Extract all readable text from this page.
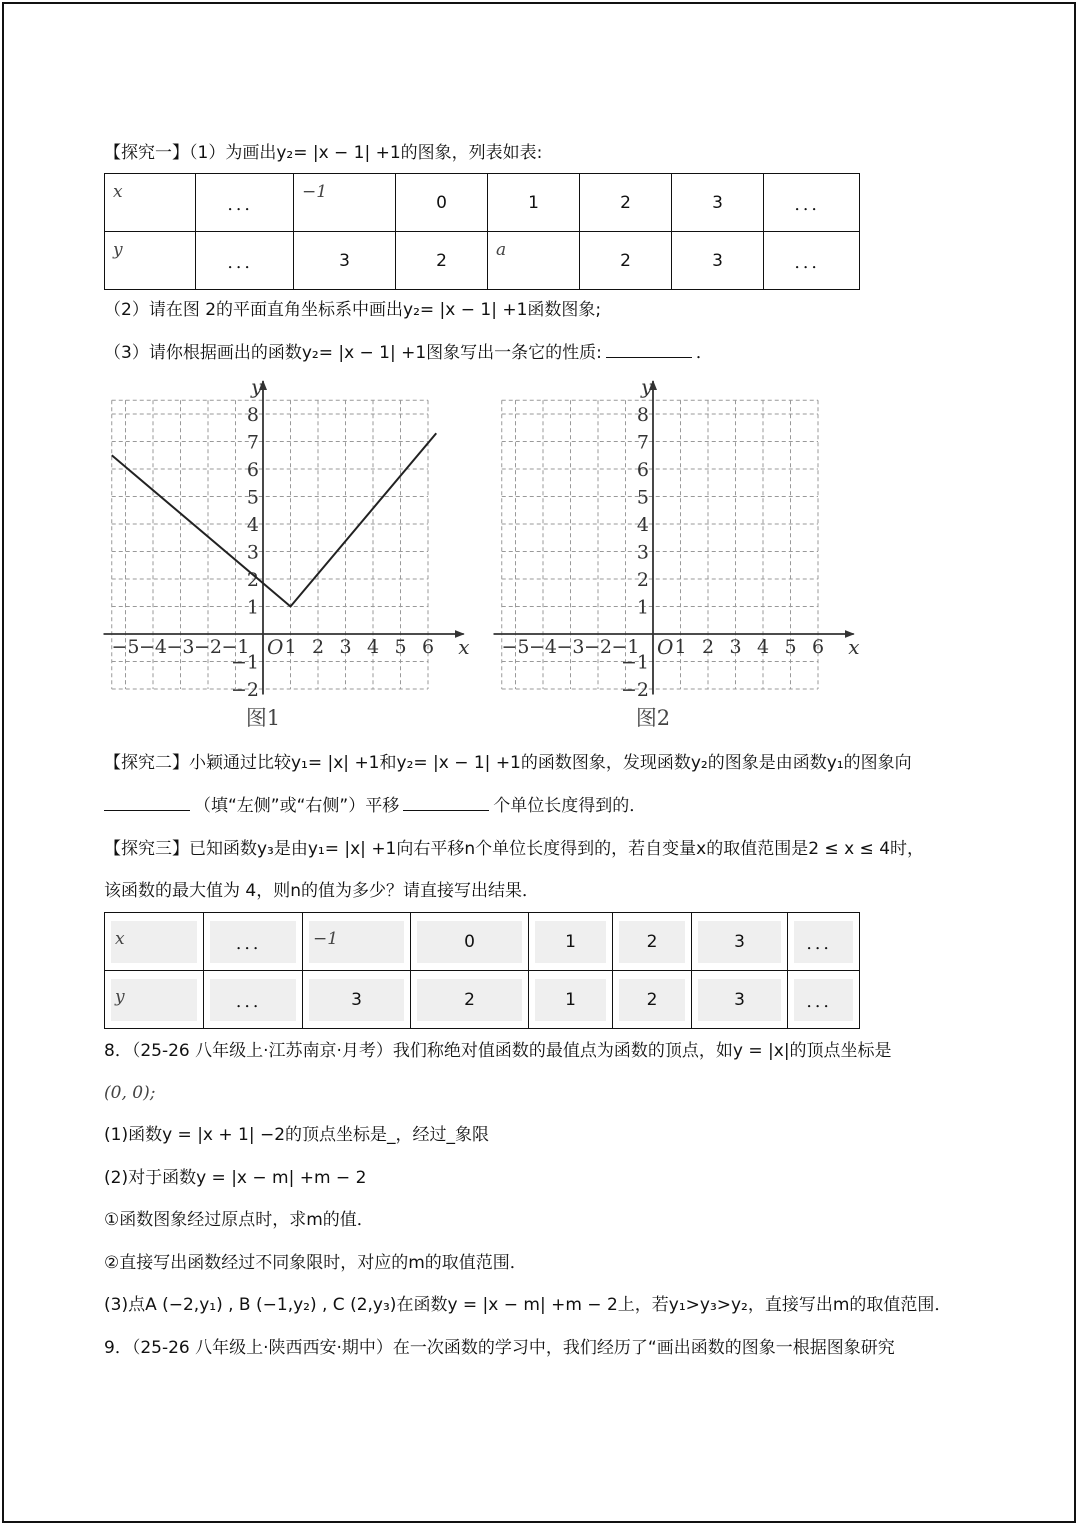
【探究一】（1）为画出y₂= |x − 1| +1的图象，列表如表:
x	．．．	−1	0	1	2	3	．．．
y	．．．	3	2	a	2	3	．．．
（2）请在图 2的平面直角坐标系中画出y₂= |x − 1| +1函数图象;
（3）请你根据画出的函数y₂= |x − 1| +1图象写出一条它的性质:	．
x
y
O
−5 −4 −3 −2 −1 1 2 3 4 5 6
8
7
6
5
4
3
2
1
−1
−2
图1
x
y
O
−5 −4 −3 −2 −1 1 2 3 4 5 6
8
7
6
5
4
3
2
1
−1
−2
图2
【探究二】小颖通过比较y₁= |x| +1和y₂= |x − 1| +1的函数图象，发现函数y₂的图象是由函数y₁的图象向
（填“左侧”或“右侧”）平移	个单位长度得到的．
【探究三】已知函数y₃是由y₁= |x| +1向右平移n个单位长度得到的，若自变量x的取值范围是2 ≤ x ≤ 4时，
该函数的最大值为 4，则n的值为多少？请直接写出结果．
x	．．．	−1	0	1	2	3	．．．

y	．．．	3	2	1	2	3	．．．
8．（25-26 八年级上·江苏南京·月考）我们称绝对值函数的最值点为函数的顶点，如y = |x|的顶点坐标是
(0, 0);
(1)函数y = |x + 1| −2的顶点坐标是_，经过_象限
(2)对于函数y = |x − m| +m − 2
①函数图象经过原点时，求m的值．
②直接写出函数经过不同象限时，对应的m的取值范围．
(3)点A (−2,y₁) , B (−1,y₂) , C (2,y₃)在函数y = |x − m| +m − 2上，若y₁>y₃>y₂，直接写出m的取值范围．
9．（25-26 八年级上·陕西西安·期中）在一次函数的学习中，我们经历了“画出函数的图象一根据图象研究
